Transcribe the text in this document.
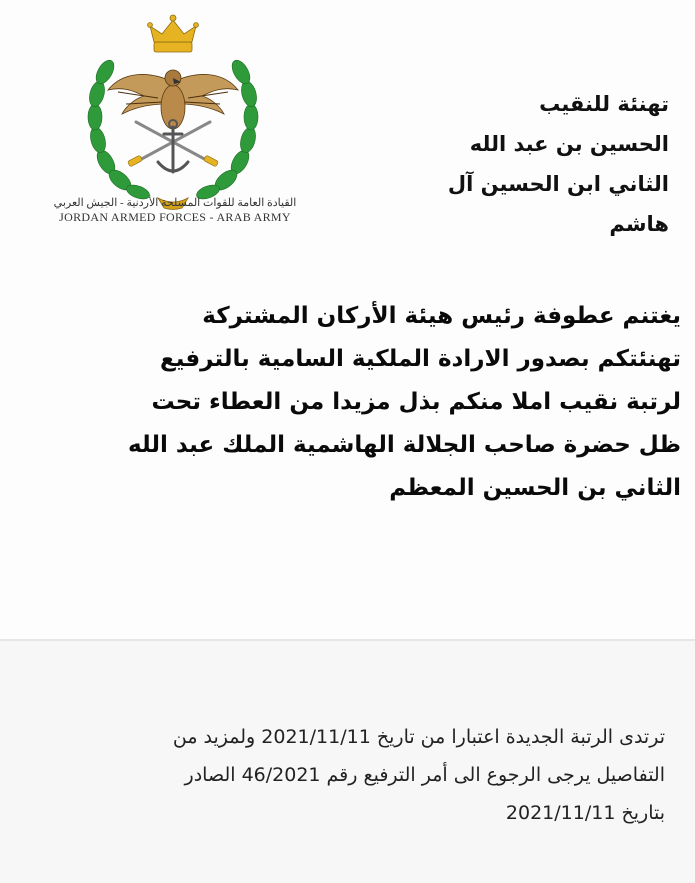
القيادة العامة للقوات المسلحة الأردنية - الجيش العربي
JORDAN ARMED FORCES - ARAB ARMY
تهنئة للنقيب
الحسين بن عبد الله
الثاني ابن الحسين آل
هاشم
يغتنم عطوفة رئيس هيئة الأركان المشتركة
تهنئتكم بصدور الارادة الملكية السامية بالترفيع
لرتبة نقيب املا منكم بذل مزيدا من العطاء تحت
ظل حضرة صاحب الجلالة الهاشمية الملك عبد الله
الثاني بن الحسين المعظم
ترتدى الرتبة الجديدة اعتبارا من تاريخ 2021/11/11 ولمزيد من
التفاصيل يرجى الرجوع الى أمر الترفيع رقم 46/2021 الصادر
بتاريخ 2021/11/11
